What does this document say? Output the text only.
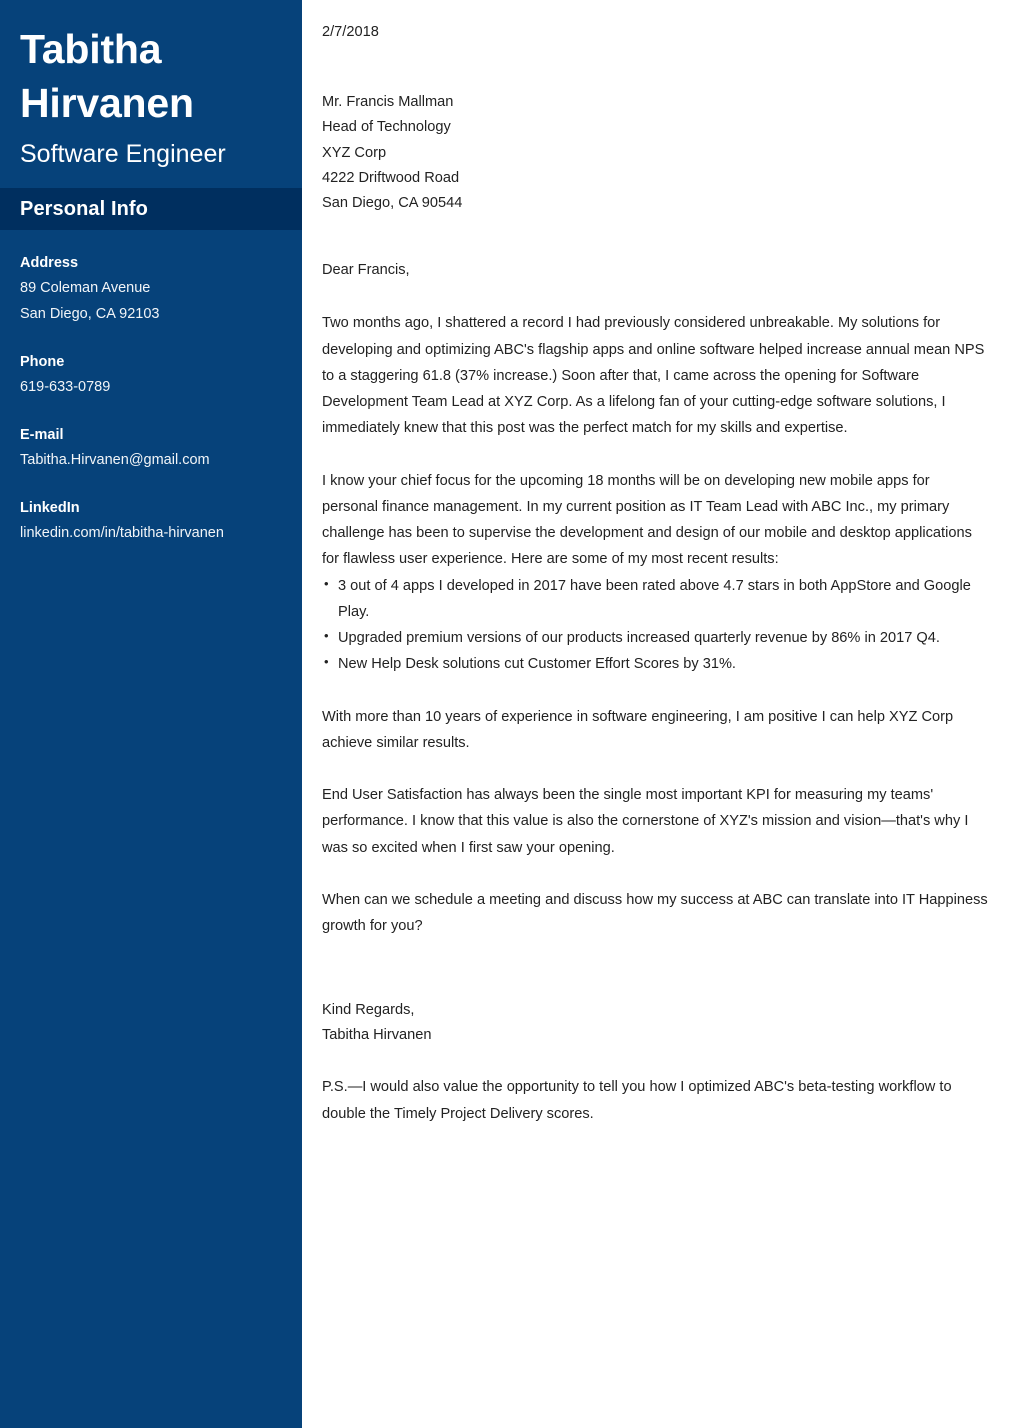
Tabitha Hirvanen
Software Engineer
Personal Info
Address
89 Coleman Avenue
San Diego, CA 92103
Phone
619-633-0789
E-mail
Tabitha.Hirvanen@gmail.com
LinkedIn
linkedin.com/in/tabitha-hirvanen
2/7/2018
Mr. Francis Mallman
Head of Technology
XYZ Corp
4222 Driftwood Road
San Diego, CA 90544
Dear Francis,

Two months ago, I shattered a record I had previously considered unbreakable. My solutions for developing and optimizing ABC's flagship apps and online software helped increase annual mean NPS to a staggering 61.8 (37% increase.) Soon after that, I came across the opening for Software Development Team Lead at XYZ Corp. As a lifelong fan of your cutting-edge software solutions, I immediately knew that this post was the perfect match for my skills and expertise.

I know your chief focus for the upcoming 18 months will be on developing new mobile apps for personal finance management. In my current position as IT Team Lead with ABC Inc., my primary challenge has been to supervise the development and design of our mobile and desktop applications for flawless user experience. Here are some of my most recent results:

• 3 out of 4 apps I developed in 2017 have been rated above 4.7 stars in both AppStore and Google Play.
• Upgraded premium versions of our products increased quarterly revenue by 86% in 2017 Q4.
• New Help Desk solutions cut Customer Effort Scores by 31%.

With more than 10 years of experience in software engineering, I am positive I can help XYZ Corp achieve similar results.

End User Satisfaction has always been the single most important KPI for measuring my teams' performance. I know that this value is also the cornerstone of XYZ's mission and vision—that's why I was so excited when I first saw your opening.

When can we schedule a meeting and discuss how my success at ABC can translate into IT Happiness growth for you?

Kind Regards,
Tabitha Hirvanen

P.S.—I would also value the opportunity to tell you how I optimized ABC's beta-testing workflow to double the Timely Project Delivery scores.
